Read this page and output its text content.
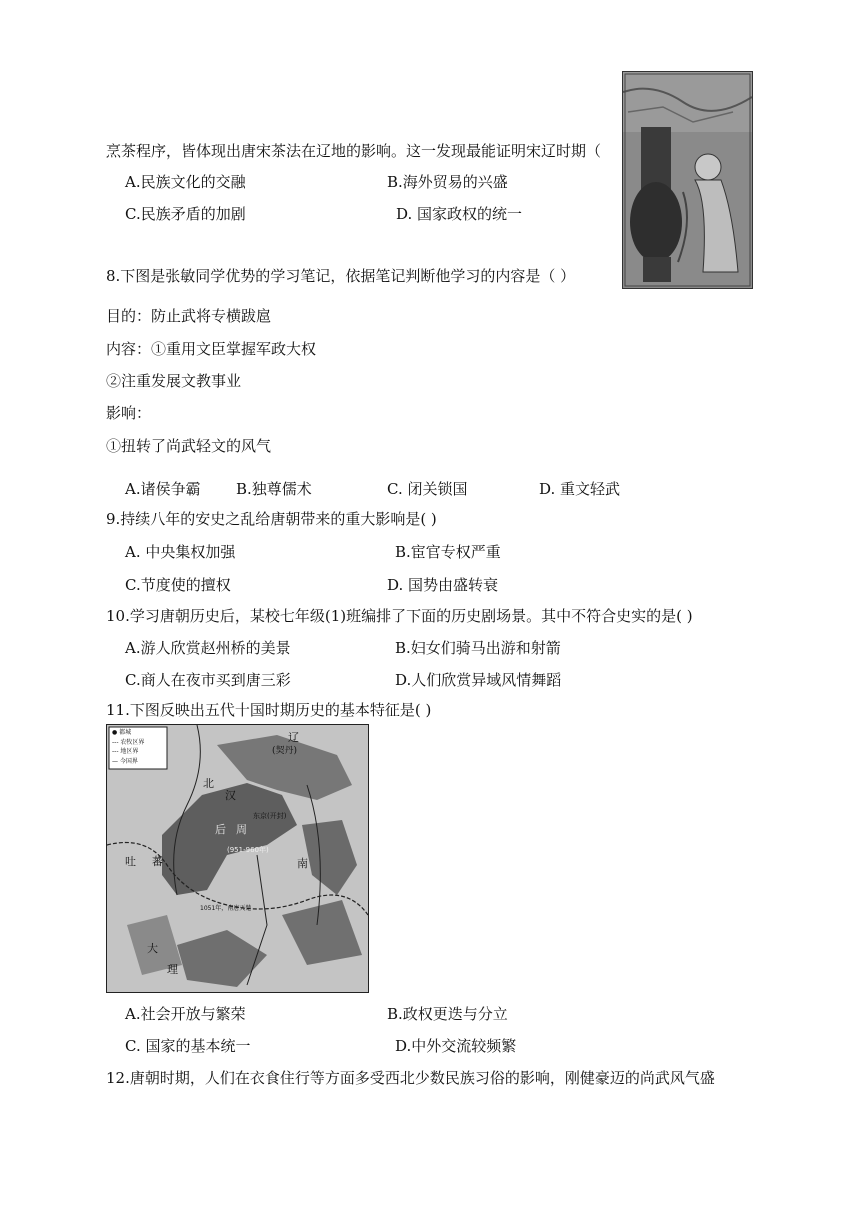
烹茶程序，皆体现出唐宋茶法在辽地的影响。这一发现最能证明宋辽时期（
A.民族文化的交融	B.海外贸易的兴盛
C.民族矛盾的加剧	D. 国家政权的统一
8.下图是张敏同学优势的学习笔记，依据笔记判断他学习的内容是（ ）
目的：防止武将专横跋扈
内容：①重用文臣掌握军政大权
②注重发展文教事业
影响：
①扭转了尚武轻文的风气
A.诸侯争霸 B.独尊儒术	C. 闭关锁国	D. 重文轻武
9.持续八年的安史之乱给唐朝带来的重大影响是( )
A. 中央集权加强	B.宦官专权严重
C.节度使的擅权	D. 国势由盛转衰
10.学习唐朝历史后，某校七年级(1)班编排了下面的历史剧场景。其中不符合史实的是( )
A.游人欣赏赵州桥的美景	B.妇女们骑马出游和射箭
C.商人在夜市买到唐三彩	D.人们欣赏异域风情舞蹈
11.下图反映出五代十国时期历史的基本特征是( )
● 都城
--- 农牧区界
--- 地区界
— 今国界
辽
(契丹)
东京(开封)
后周
(951-960年)
吐蕃
1051年，南唐灭楚
南
大
理
北
汉
A.社会开放与繁荣	B.政权更迭与分立
C. 国家的基本统一	D.中外交流较频繁
12.唐朝时期，人们在衣食住行等方面多受西北少数民族习俗的影响，刚健豪迈的尚武风气盛
